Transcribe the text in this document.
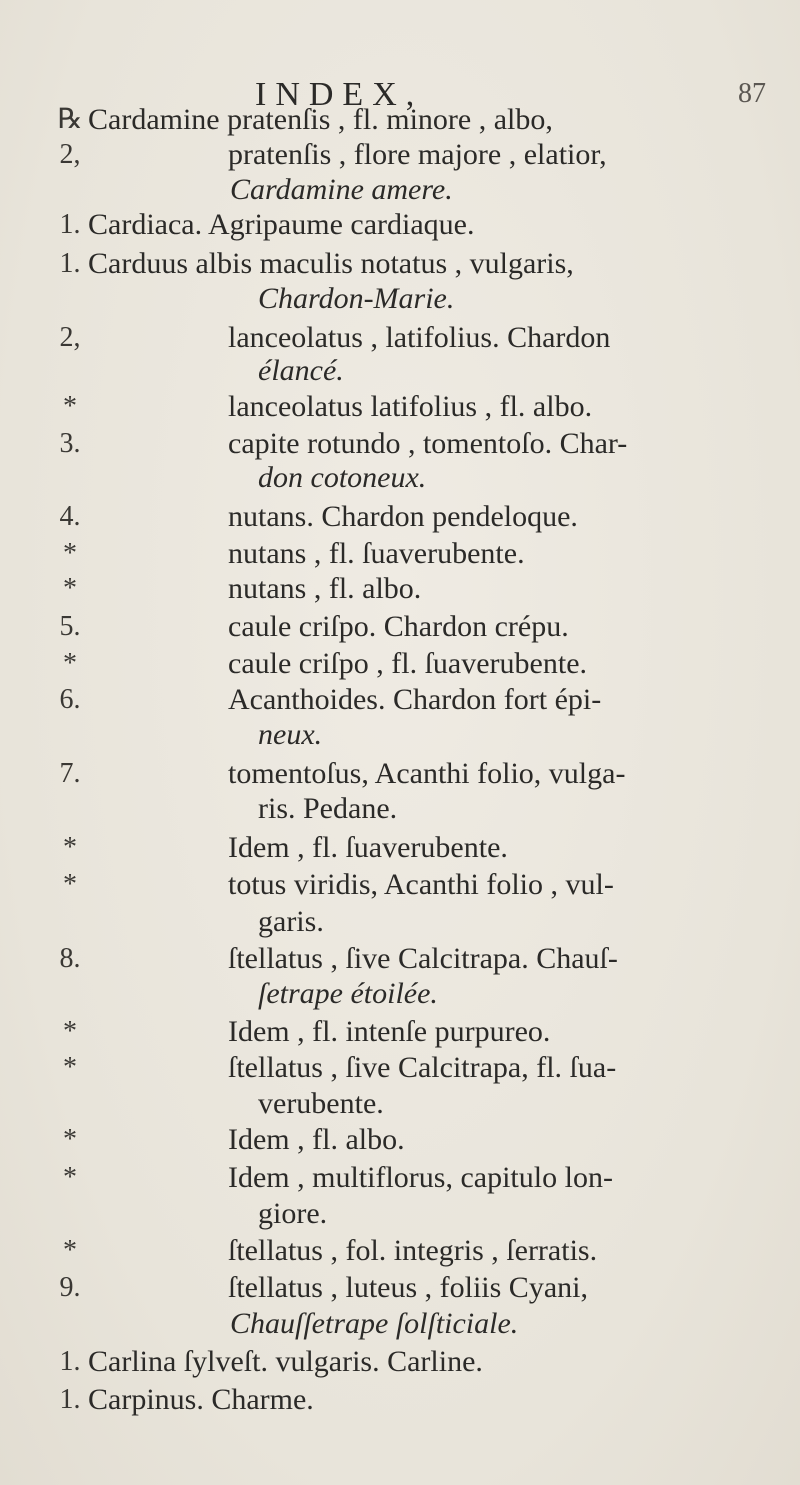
INDEX,	87
℞ Cardamine pratenſis , fl. minore , albo,
2,	pratenſis , flore majore , elatior,
Cardamine amere.
1. Cardiaca. Agripaume cardiaque.
1. Carduus albis maculis notatus , vulgaris,
Chardon-Marie.
2,	lanceolatus , latifolius. Chardon
élancé.
*	lanceolatus latifolius , fl. albo.
3.	capite rotundo , tomentoſo. Char-
don cotoneux.
4.	nutans. Chardon pendeloque.
*	nutans , fl. ſuaverubente.
*	nutans , fl. albo.
5.	caule criſpo. Chardon crépu.
*	caule criſpo , fl. ſuaverubente.
6.	Acanthoides. Chardon fort épi-
neux.
7.	tomentoſus, Acanthi folio, vulga-
ris. Pedane.
*	Idem , fl. ſuaverubente.
*	totus viridis, Acanthi folio , vul-
garis.
8.	ſtellatus , ſive Calcitrapa. Chauſ-
ſetrape étoilée.
*	Idem , fl. intenſe purpureo.
*	ſtellatus , ſive Calcitrapa, fl. ſua-
verubente.
*	Idem , fl. albo.
*	Idem , multiflorus, capitulo lon-
giore.
*	ſtellatus , fol. integris , ſerratis.
9.	ſtellatus , luteus , foliis Cyani,
Chauſſetrape ſolſticiale.
1. Carlina ſylveſt. vulgaris. Carline.
1. Carpinus. Charme.
